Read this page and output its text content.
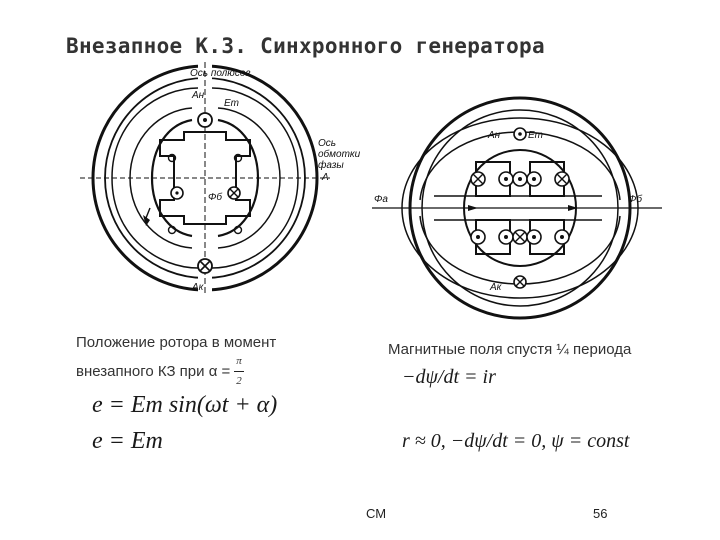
Внезапное К.З. Синхронного генератора
Ось полюсов
Aн
Em
Φб
Aк
Ось
обмотки
фазы
A
Aн	Em
Φа	Φб
Aк
Положение ротора в момент
внезапного КЗ при $\alpha = \frac{\pi}{2}$
Магнитные поля спустя ¼ периода
e = Em sin(ωt + α)
e = Em
−dψ/dt = ir
r ≈ 0, −dψ/dt = 0, ψ = const
СМ	56
